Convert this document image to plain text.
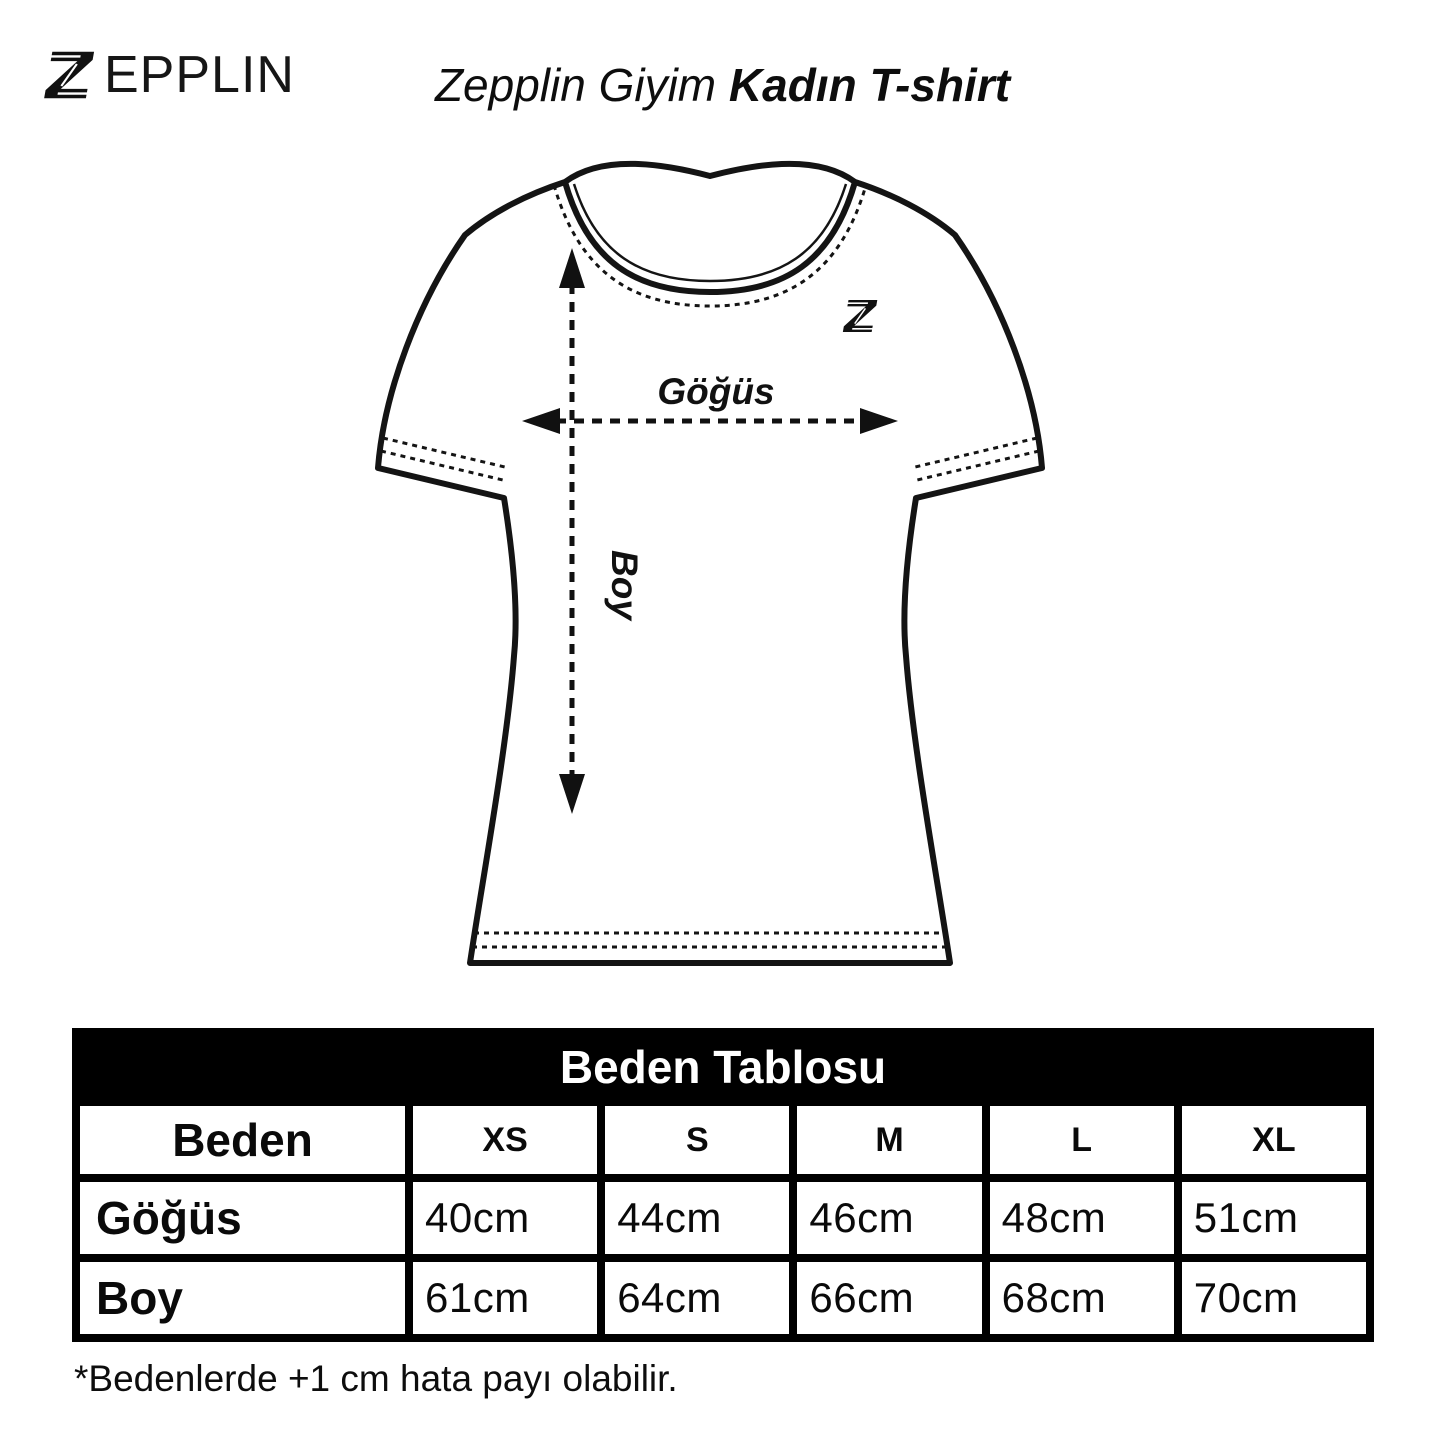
EPPLIN	Zepplin Giyim Kadın T-shirt
Göğüs
Boy
Beden Tablosu
Beden	XS	S	M	L	XL
Göğüs	40cm	44cm	46cm	48cm	51cm
Boy	61cm	64cm	66cm	68cm	70cm

*Bedenlerde +1 cm hata payı olabilir.
